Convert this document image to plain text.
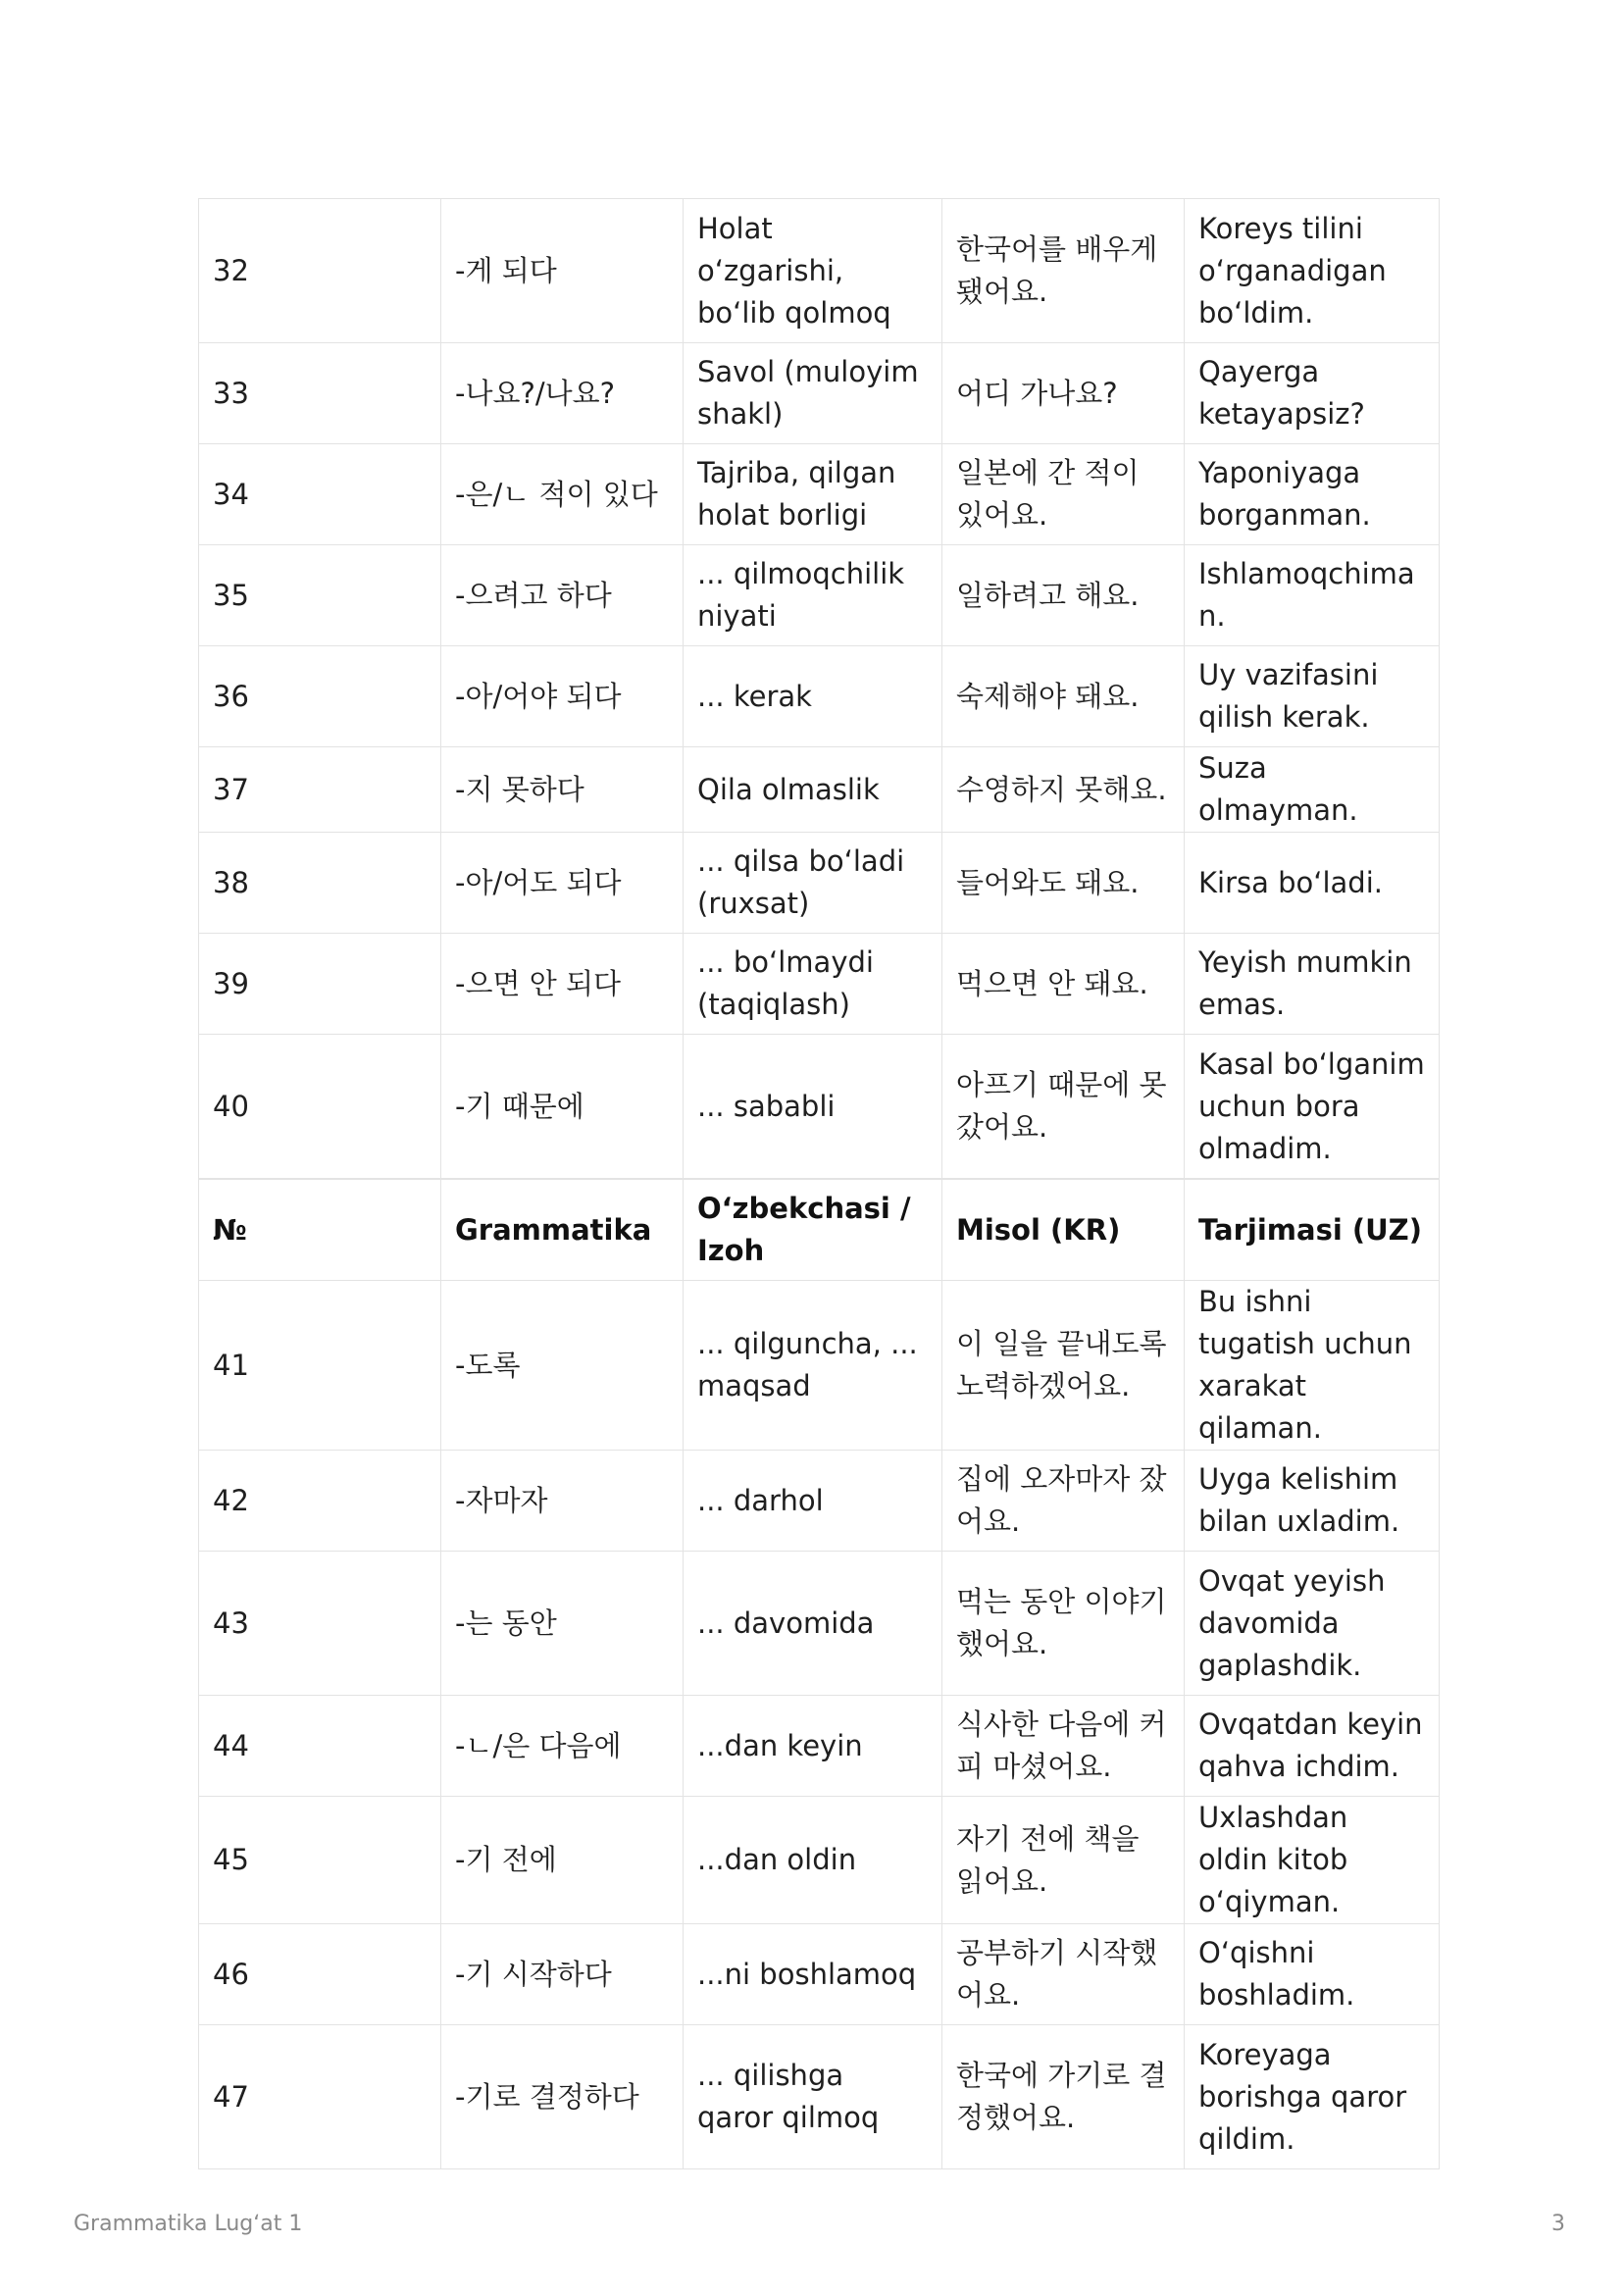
32	-게 되다	Holat oʻzgarishi, boʻlib qolmoq	한국어를 배우게 됐어요.	Koreys tilini oʻrganadigan boʻldim.
33	-나요?/나요?	Savol (muloyim shakl)	어디 가나요?	Qayerga ketayapsiz?
34	-은/ㄴ 적이 있다	Tajriba, qilgan holat borligi	일본에 간 적이 있어요.	Yaponiyaga borganman.
35	-으려고 하다	... qilmoqchilik niyati	일하려고 해요.	Ishlamoqchiman.
36	-아/어야 되다	... kerak	숙제해야 돼요.	Uy vazifasini qilish kerak.
37	-지 못하다	Qila olmaslik	수영하지 못해요.	Suza olmayman.
38	-아/어도 되다	... qilsa boʻladi (ruxsat)	들어와도 돼요.	Kirsa boʻladi.
39	-으면 안 되다	... boʻlmaydi (taqiqlash)	먹으면 안 돼요.	Yeyish mumkin emas.
40	-기 때문에	... sababli	아프기 때문에 못 갔어요.	Kasal boʻlganim uchun bora olmadim.
№	Grammatika	Oʻzbekchasi / Izoh	Misol (KR)	Tarjimasi (UZ)
41	-도록	... qilguncha, ... maqsad	이 일을 끝내도록 노력하겠어요.	Bu ishni tugatish uchun xarakat qilaman.
42	-자마자	... darhol	집에 오자마자 잤어요.	Uyga kelishim bilan uxladim.
43	-는 동안	... davomida	먹는 동안 이야기했어요.	Ovqat yeyish davomida gaplashdik.
44	-ㄴ/은 다음에	...dan keyin	식사한 다음에 커피 마셨어요.	Ovqatdan keyin qahva ichdim.
45	-기 전에	...dan oldin	자기 전에 책을 읽어요.	Uxlashdan oldin kitob oʻqiyman.
46	-기 시작하다	...ni boshlamoq	공부하기 시작했어요.	Oʻqishni boshladim.
47	-기로 결정하다	... qilishga qaror qilmoq	한국에 가기로 결정했어요.	Koreyaga borishga qaror qildim.
Grammatika Lugʻat 1	3
